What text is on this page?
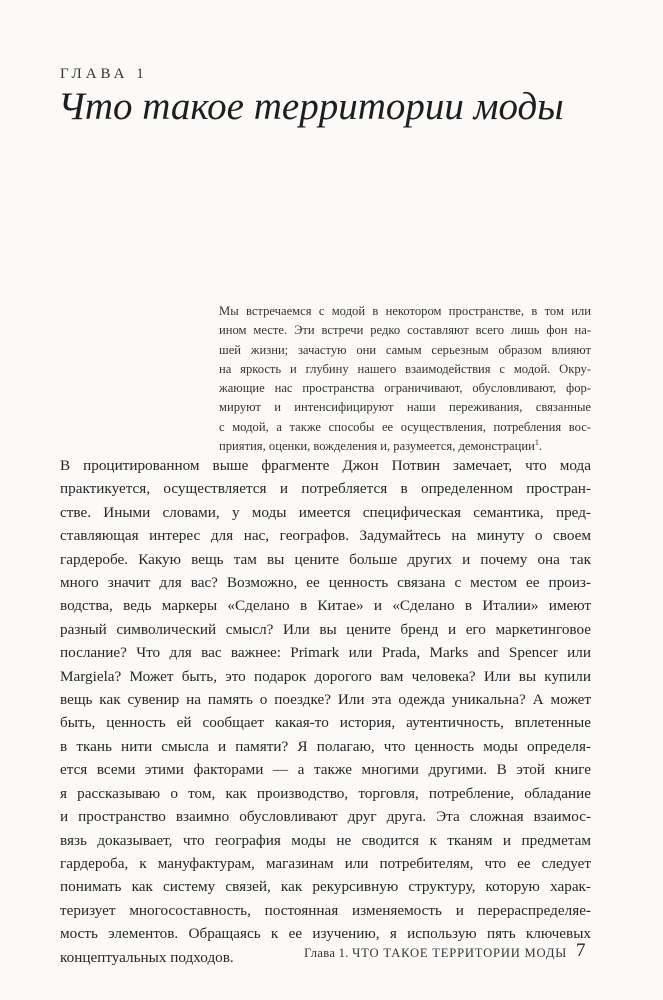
ГЛАВА 1
Что такое территории моды
Мы встречаемся с модой в некотором пространстве, в том или
ином месте. Эти встречи редко составляют всего лишь фон на-
шей жизни; зачастую они самым серьезным образом влияют
на яркость и глубину нашего взаимодействия с модой. Окру-
жающие нас пространства ограничивают, обусловливают, фор-
мируют и интенсифицируют наши переживания, связанные
с модой, а также способы ее осуществления, потребления вос-
приятия, оценки, вожделения и, разумеется, демонстрации$^1$.
В процитированном выше фрагменте Джон Потвин замечает, что мода
практикуется, осуществляется и потребляется в определенном простран-
стве. Иными словами, у моды имеется специфическая семантика, пред-
ставляющая интерес для нас, географов. Задумайтесь на минуту о своем
гардеробе. Какую вещь там вы цените больше других и почему она так
много значит для вас? Возможно, ее ценность связана с местом ее произ-
водства, ведь маркеры «Сделано в Китае» и «Сделано в Италии» имеют
разный символический смысл? Или вы цените бренд и его маркетинговое
послание? Что для вас важнее: Primark или Prada, Marks and Spencer или
Margiela? Может быть, это подарок дорогого вам человека? Или вы купили
вещь как сувенир на память о поездке? Или эта одежда уникальна? А может
быть, ценность ей сообщает какая-то история, аутентичность, вплетенные
в ткань нити смысла и памяти? Я полагаю, что ценность моды определя-
ется всеми этими факторами — а также многими другими. В этой книге
я рассказываю о том, как производство, торговля, потребление, обладание
и пространство взаимно обусловливают друг друга. Эта сложная взаимос-
вязь доказывает, что география моды не сводится к тканям и предметам
гардероба, к мануфактурам, магазинам или потребителям, что ее следует
понимать как систему связей, как рекурсивную структуру, которую харак-
теризует многосоставность, постоянная изменяемость и перераспределяе-
мость элементов. Обращаясь к ее изучению, я использую пять ключевых
концептуальных подходов.	Глава 1. ЧТО ТАКОЕ ТЕРРИТОРИИ МОДЫ 7
